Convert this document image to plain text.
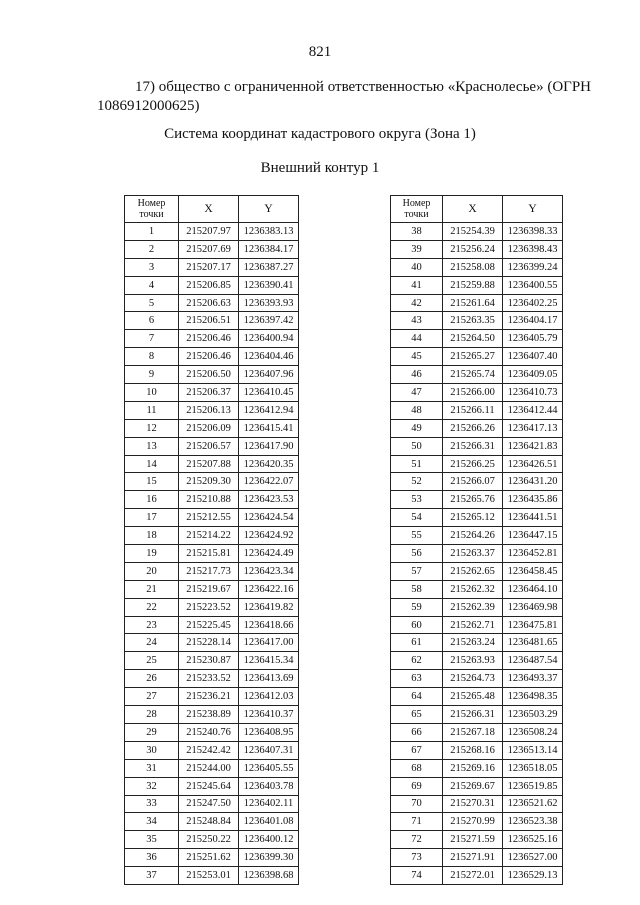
821
17) общество с ограниченной ответственностью «Краснолесье» (ОГРН
1086912000625)
Система координат кадастрового округа (Зона 1)
Внешний контур 1
Номер
точки	X	Y
1	215207.97	1236383.13
2	215207.69	1236384.17
3	215207.17	1236387.27
4	215206.85	1236390.41
5	215206.63	1236393.93
6	215206.51	1236397.42
7	215206.46	1236400.94
8	215206.46	1236404.46
9	215206.50	1236407.96
10	215206.37	1236410.45
11	215206.13	1236412.94
12	215206.09	1236415.41
13	215206.57	1236417.90
14	215207.88	1236420.35
15	215209.30	1236422.07
16	215210.88	1236423.53
17	215212.55	1236424.54
18	215214.22	1236424.92
19	215215.81	1236424.49
20	215217.73	1236423.34
21	215219.67	1236422.16
22	215223.52	1236419.82
23	215225.45	1236418.66
24	215228.14	1236417.00
25	215230.87	1236415.34
26	215233.52	1236413.69
27	215236.21	1236412.03
28	215238.89	1236410.37
29	215240.76	1236408.95
30	215242.42	1236407.31
31	215244.00	1236405.55
32	215245.64	1236403.78
33	215247.50	1236402.11
34	215248.84	1236401.08
35	215250.22	1236400.12
36	215251.62	1236399.30
37	215253.01	1236398.68
Номер
точки	X	Y
38	215254.39	1236398.33
39	215256.24	1236398.43
40	215258.08	1236399.24
41	215259.88	1236400.55
42	215261.64	1236402.25
43	215263.35	1236404.17
44	215264.50	1236405.79
45	215265.27	1236407.40
46	215265.74	1236409.05
47	215266.00	1236410.73
48	215266.11	1236412.44
49	215266.26	1236417.13
50	215266.31	1236421.83
51	215266.25	1236426.51
52	215266.07	1236431.20
53	215265.76	1236435.86
54	215265.12	1236441.51
55	215264.26	1236447.15
56	215263.37	1236452.81
57	215262.65	1236458.45
58	215262.32	1236464.10
59	215262.39	1236469.98
60	215262.71	1236475.81
61	215263.24	1236481.65
62	215263.93	1236487.54
63	215264.73	1236493.37
64	215265.48	1236498.35
65	215266.31	1236503.29
66	215267.18	1236508.24
67	215268.16	1236513.14
68	215269.16	1236518.05
69	215269.67	1236519.85
70	215270.31	1236521.62
71	215270.99	1236523.38
72	215271.59	1236525.16
73	215271.91	1236527.00
74	215272.01	1236529.13
